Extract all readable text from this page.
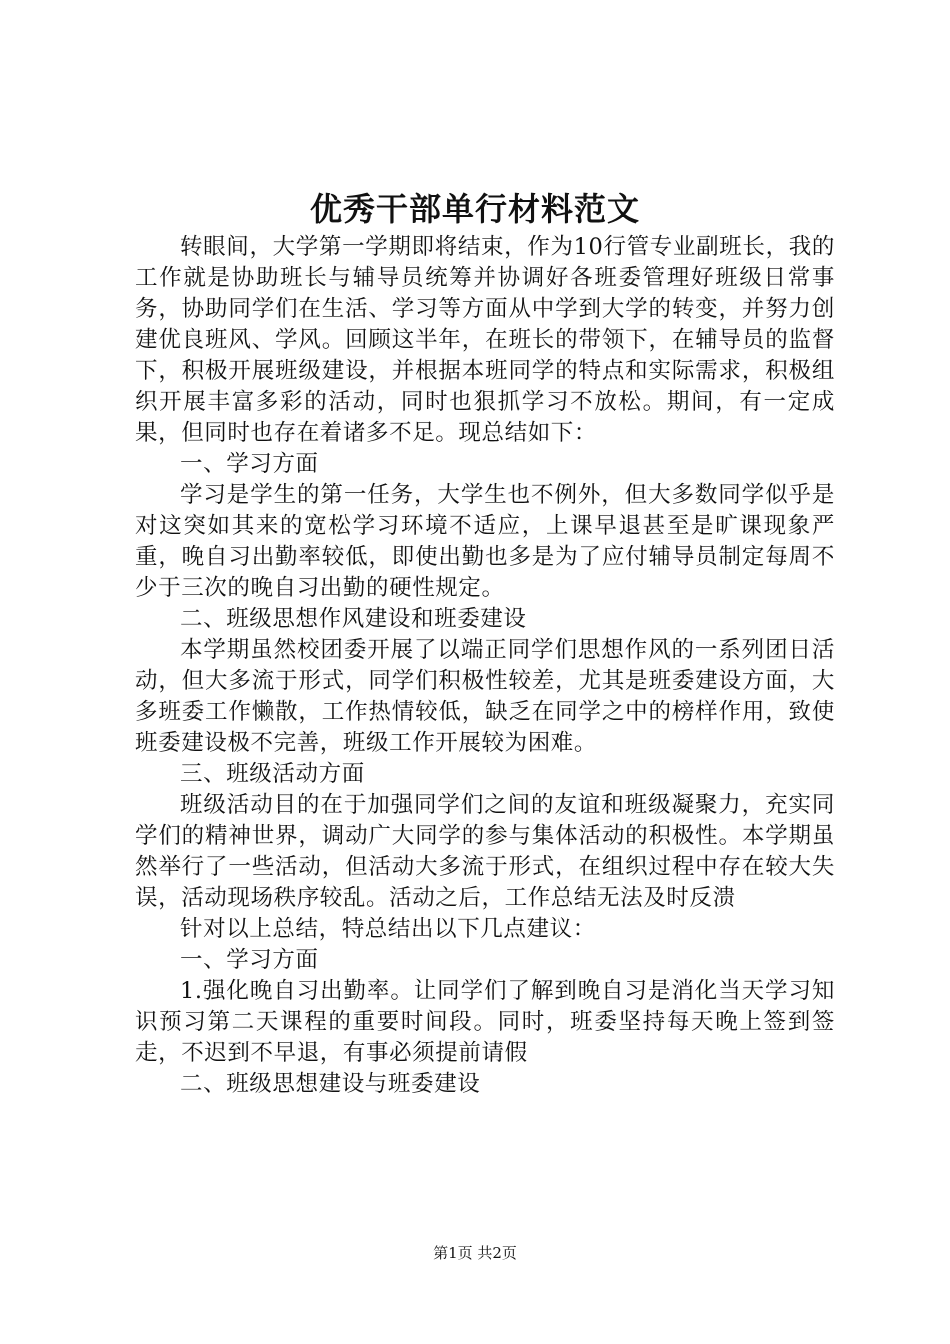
优秀干部单行材料范文

转眼间，大学第一学期即将结束，作为10行管专业副班长，我的工作就是协助班长与辅导员统筹并协调好各班委管理好班级日常事务，协助同学们在生活、学习等方面从中学到大学的转变，并努力创建优良班风、学风。回顾这半年，在班长的带领下，在辅导员的监督下，积极开展班级建设，并根据本班同学的特点和实际需求，积极组织开展丰富多彩的活动，同时也狠抓学习不放松。期间，有一定成果，但同时也存在着诸多不足。现总结如下：

一、学习方面

学习是学生的第一任务，大学生也不例外，但大多数同学似乎是对这突如其来的宽松学习环境不适应，上课早退甚至是旷课现象严重，晚自习出勤率较低，即使出勤也多是为了应付辅导员制定每周不少于三次的晚自习出勤的硬性规定。

二、班级思想作风建设和班委建设

本学期虽然校团委开展了以端正同学们思想作风的一系列团日活动，但大多流于形式，同学们积极性较差，尤其是班委建设方面，大多班委工作懒散，工作热情较低，缺乏在同学之中的榜样作用，致使班委建设极不完善，班级工作开展较为困难。

三、班级活动方面

班级活动目的在于加强同学们之间的友谊和班级凝聚力，充实同学们的精神世界，调动广大同学的参与集体活动的积极性。本学期虽然举行了一些活动，但活动大多流于形式，在组织过程中存在较大失误，活动现场秩序较乱。活动之后，工作总结无法及时反溃

针对以上总结，特总结出以下几点建议：

一、学习方面

1.强化晚自习出勤率。让同学们了解到晚自习是消化当天学习知识预习第二天课程的重要时间段。同时，班委坚持每天晚上签到签走，不迟到不早退，有事必须提前请假

二、班级思想建设与班委建设

第1页 共2页
